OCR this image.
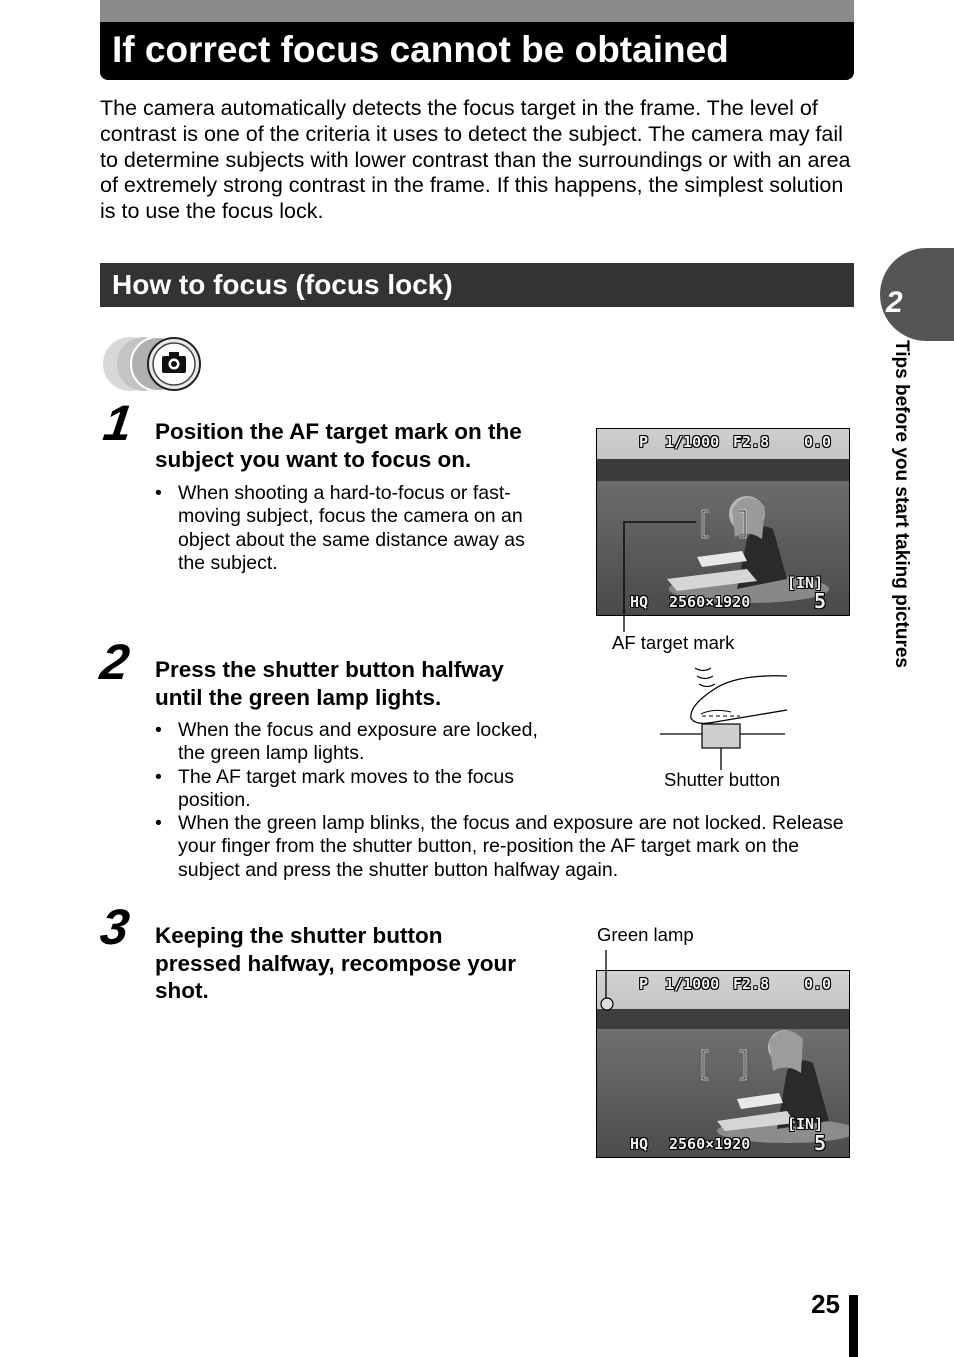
If correct focus cannot be obtained
The camera automatically detects the focus target in the frame. The level of contrast is one of the criteria it uses to detect the subject. The camera may fail to determine subjects with lower contrast than the surroundings or with an area of extremely strong contrast in the frame. If this happens, the simplest solution is to use the focus lock.
How to focus (focus lock)
2
Tips before you start taking pictures
1 Position the AF target mark on the subject you want to focus on.
• When shooting a hard-to-focus or fast-moving subject, focus the camera on an object about the same distance away as the subject.
P 1/1000 F2.8 0.0
[IN]
HQ 2560×1920	5
AF target mark
2 Press the shutter button halfway until the green lamp lights.
• When the focus and exposure are locked, the green lamp lights.
• The AF target mark moves to the focus position.
• When the green lamp blinks, the focus and exposure are not locked. Release your finger from the shutter button, re-position the AF target mark on the subject and press the shutter button halfway again.
Shutter button
3 Keeping the shutter button pressed halfway, recompose your shot.
Green lamp
P 1/1000 F2.8 0.0
[IN]
HQ 2560×1920	5
25
